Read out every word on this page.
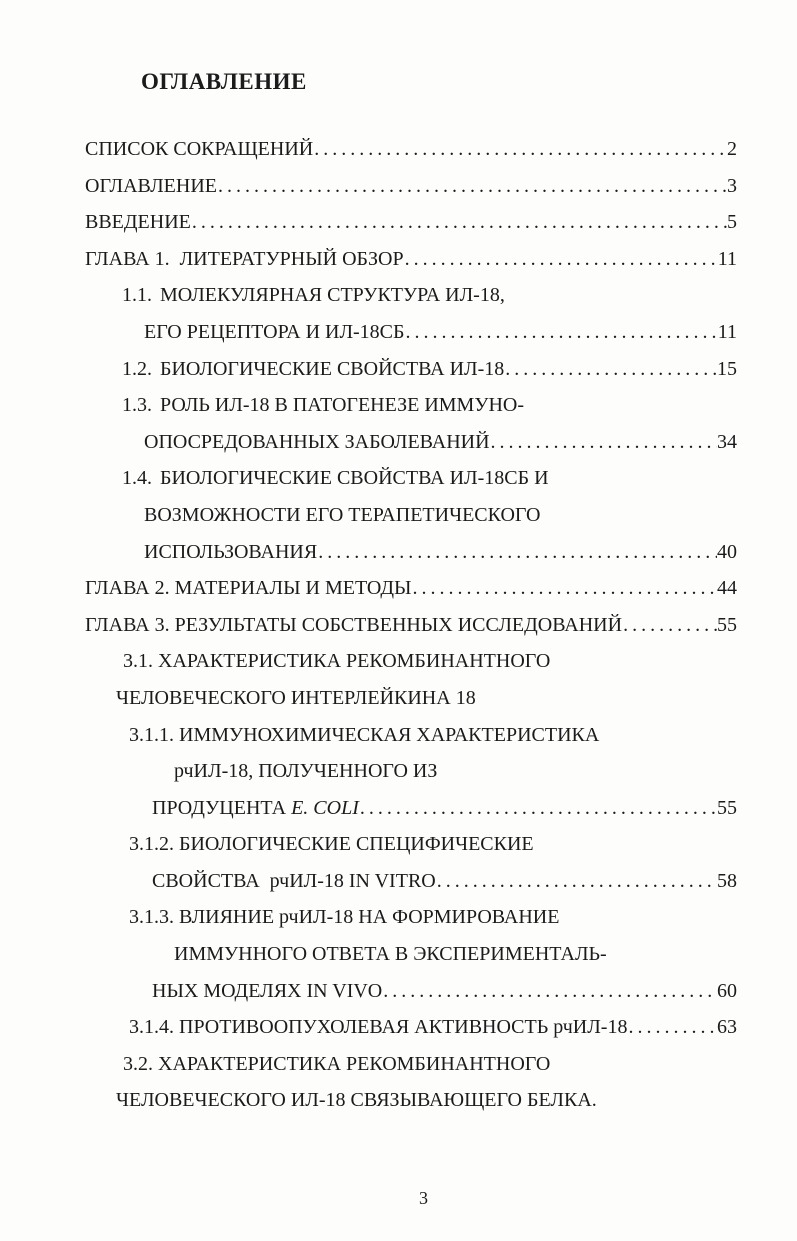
ОГЛАВЛЕНИЕ
СПИСОК СОКРАЩЕНИЙ .....	2
ОГЛАВЛЕНИЕ .....	3
ВВЕДЕНИЕ .....	5
ГЛАВА 1.  ЛИТЕРАТУРНЫЙ ОБЗОР .....	11
1.1. МОЛЕКУЛЯРНАЯ СТРУКТУРА ИЛ-18,
ЕГО РЕЦЕПТОРА И ИЛ-18СБ .....	11
1.2. БИОЛОГИЧЕСКИЕ СВОЙСТВА ИЛ-18 .....	15
1.3. РОЛЬ ИЛ-18 В ПАТОГЕНЕЗЕ ИММУНО-
ОПОСРЕДОВАННЫХ ЗАБОЛЕВАНИЙ .....	34
1.4. БИОЛОГИЧЕСКИЕ СВОЙСТВА ИЛ-18СБ И
ВОЗМОЖНОСТИ ЕГО ТЕРАПЕТИЧЕСКОГО
ИСПОЛЬЗОВАНИЯ .....	40
ГЛАВА 2. МАТЕРИАЛЫ И МЕТОДЫ .....	44
ГЛАВА 3. РЕЗУЛЬТАТЫ СОБСТВЕННЫХ ИССЛЕДОВАНИЙ .....	55
3.1. ХАРАКТЕРИСТИКА РЕКОМБИНАНТНОГО
ЧЕЛОВЕЧЕСКОГО ИНТЕРЛЕЙКИНА 18
3.1.1. ИММУНОХИМИЧЕСКАЯ ХАРАКТЕРИСТИКА
рчИЛ-18, ПОЛУЧЕННОГО ИЗ
ПРОДУЦЕНТА E. COLI .....	55
3.1.2. БИОЛОГИЧЕСКИЕ СПЕЦИФИЧЕСКИЕ
СВОЙСТВА  рчИЛ-18 IN VITRO .....	58
3.1.3. ВЛИЯНИЕ рчИЛ-18 НА ФОРМИРОВАНИЕ
ИММУННОГО ОТВЕТА В ЭКСПЕРИМЕНТАЛЬ-
НЫХ МОДЕЛЯХ IN VIVO .....	60
3.1.4. ПРОТИВООПУХОЛЕВАЯ АКТИВНОСТЬ рчИЛ-18 .....	63
3.2. ХАРАКТЕРИСТИКА РЕКОМБИНАНТНОГО
ЧЕЛОВЕЧЕСКОГО ИЛ-18 СВЯЗЫВАЮЩЕГО БЕЛКА.
3
